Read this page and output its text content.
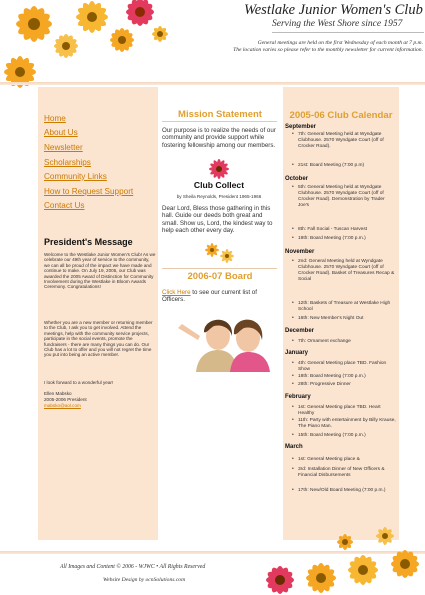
Westlake Junior Women's Club
Serving the West Shore since 1957
General meetings are held on the first Wednesday of each month at 7 p.m.
The location varies so please refer to the monthly newsletter for current information.
Home
About Us
Newsletter
Scholarships
Community Links
How to Request Support
Contact Us
President's Message
Welcome to the Westlake Junior Women's Club! As we celebrate our 49th year of service to the community, we can all be proud of the impact we have made and continue to make. On July 19, 2005, our Club was awarded the 2005 Award of Distinction for Community Involvement during the Westlake in Bloom Awards Ceremony. Congratulations!
Whether you are a new member or returning member to the Club, I ask you to get involved. Attend the meetings, help with the community service projects, participate in the social events, promote the fundraisers - there are many things you can do. Our Club has a lot to offer and you will not regret the time you put into being an active member.
I look forward to a wonderful year!
Ellen Mabsko
2005-2006 President
mabsko@aol.com
Mission Statement
Our purpose is to realize the needs of our community and provide support while fostering fellowship among our members.
Club Collect
by Sheila Reynolds, President 1965-1966
Dear Lord, Bless those gathering in this hall. Guide our deeds both great and small. Show us, Lord, the kindest way to help each other every day.
2006-07 Board
Click Here to see our current list of Officers.
2005-06 Club Calendar
September
• 7th: General Meeting held at Wyndgate Clubhouse. 2570 Wyndgate Court (off of Crocker Road).
• 21st: Board Meeting (7:00 p.m)
October
• 5th: General Meeting held at Wyndgate Clubhouse. 2570 Wyndgate Court (off of Crocker Road). Demonstration by Trader Joe's
• 8th: Fall Social - Tuscan Harvest
• 19th: Board Meeting (7:00 p.m.)
November
• 2nd: General Meeting held at Wyndgate Clubhouse. 2570 Wyndgate Court (off of Crocker Road). Basket of Treasures Recap & Social
• 12th: Baskets of Treasure at Westlake High School
• 16th: New Member's Night Out
December
• 7th: Ornament exchange
January
• 4th: General Meeting place TBD. Fashion Show
• 18th: Board Meeting (7:00 p.m.)
• 28th: Progressive Dinner
February
• 1st: General Meeting place TBD. Heart Healthy
• 11th: Party with entertainment by Billy Krause, The Piano Man.
• 15th: Board Meeting (7:00 p.m.)
March
• 1st: General Meeting place &
• 3rd: Installation Dinner of New Officers & Financial Disbursements
• 17th: New/Old Board Meeting (7:00 p.m.)
All Images and Content © 2006 - WJWC • All Rights Reserved
Website Design by ocnSolutions.com
